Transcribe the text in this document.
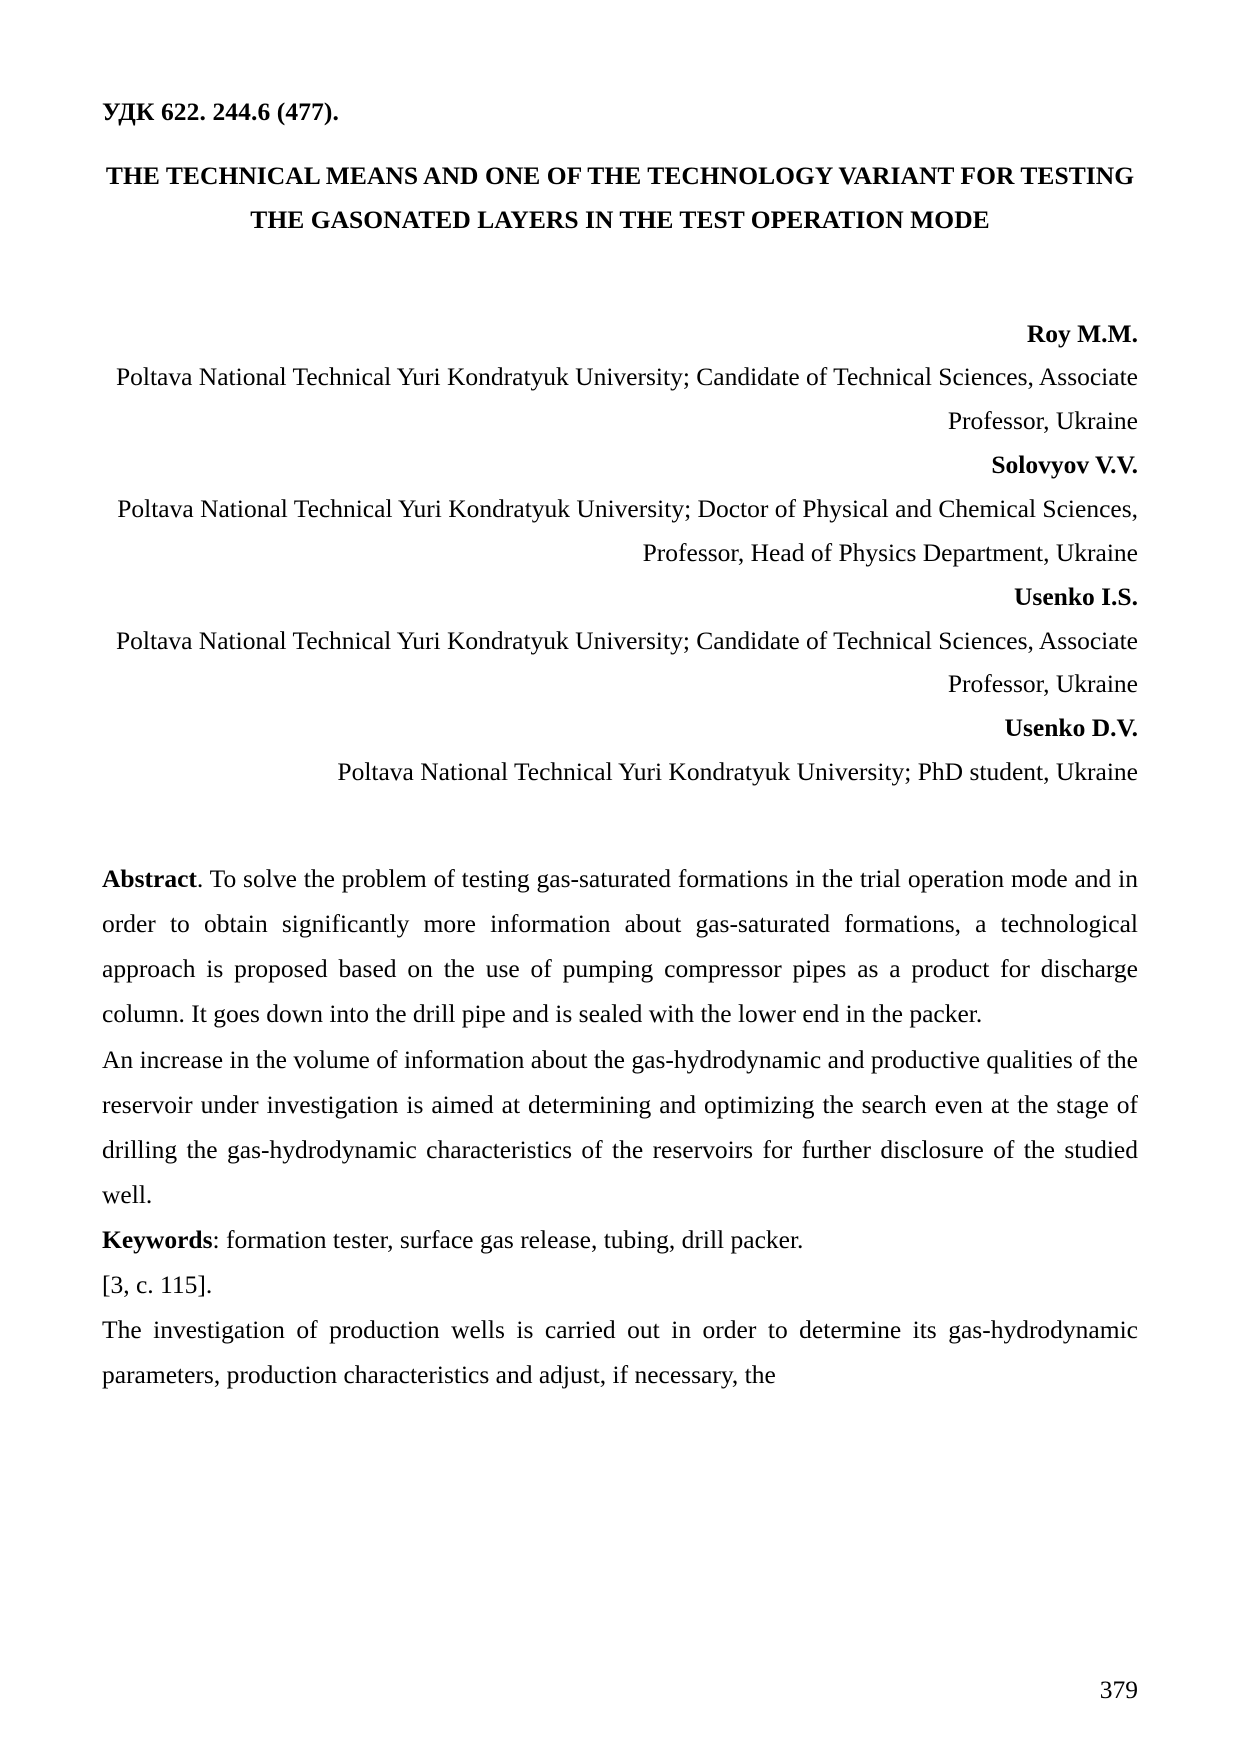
УДК 622. 244.6 (477).
THE TECHNICAL MEANS AND ONE OF THE TECHNOLOGY VARIANT FOR TESTING THE GASONATED LAYERS IN THE TEST OPERATION MODE
Roy M.M.
Poltava National Technical Yuri Kondratyuk University; Candidate of Technical Sciences, Associate Professor, Ukraine
Solovyov V.V.
Poltava National Technical Yuri Kondratyuk University; Doctor of Physical and Chemical Sciences, Professor, Head of Physics Department, Ukraine
Usenko I.S.
Poltava National Technical Yuri Kondratyuk University; Candidate of Technical Sciences, Associate Professor, Ukraine
Usenko D.V.
Poltava National Technical Yuri Kondratyuk University; PhD student, Ukraine

Abstract. To solve the problem of testing gas-saturated formations in the trial operation mode and in order to obtain significantly more information about gas-saturated formations, a technological approach is proposed based on the use of pumping compressor pipes as a product for discharge column. It goes down into the drill pipe and is sealed with the lower end in the packer.

An increase in the volume of information about the gas-hydrodynamic and productive qualities of the reservoir under investigation is aimed at determining and optimizing the search even at the stage of drilling the gas-hydrodynamic characteristics of the reservoirs for further disclosure of the studied well.

Keywords: formation tester, surface gas release, tubing, drill packer.

[3, с. 115].

The investigation of production wells is carried out in order to determine its gas-hydrodynamic parameters, production characteristics and adjust, if necessary, the

379
